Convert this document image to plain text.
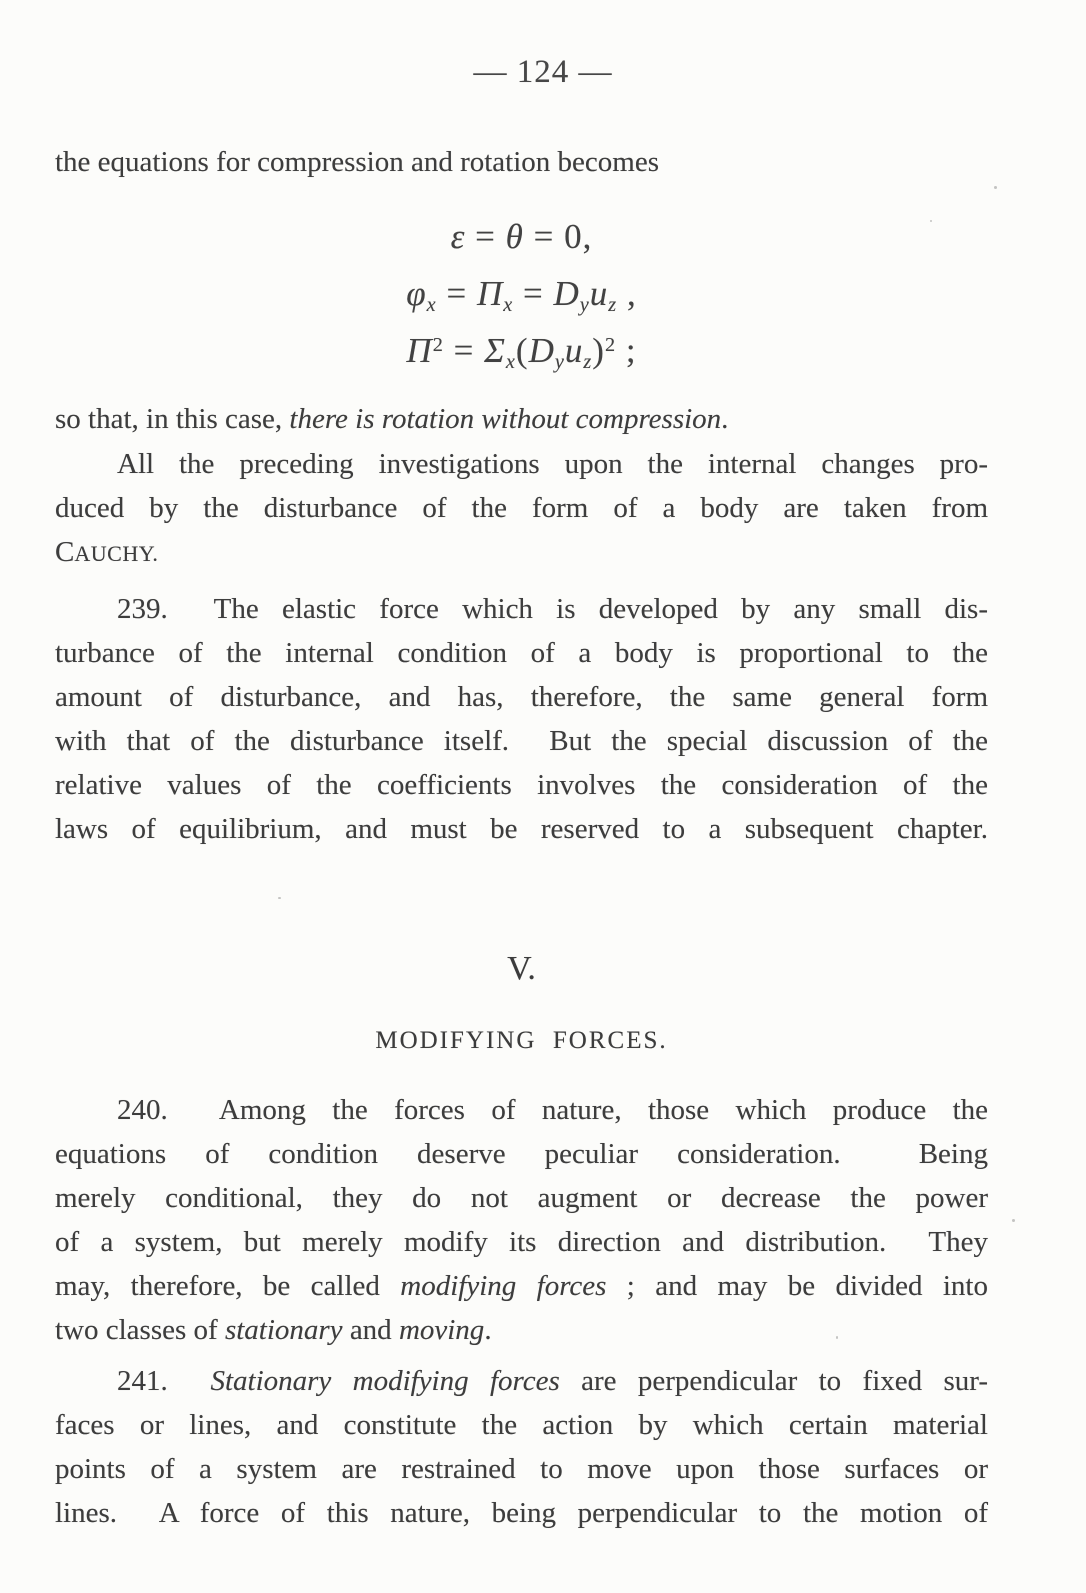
— 124 —
the equations for compression and rotation becomes
ε = θ = 0,
$\varphi_x = \Pi_x = D_yu_z$ ,
$\Pi^2 = \Sigma_x(D_yu_z)^2$ ;
so that, in this case, there is rotation without compression.
All the preceding investigations upon the internal changes pro-
duced by the disturbance of the form of a body are taken from
CAUCHY.
239.  The elastic force which is developed by any small dis-
turbance of the internal condition of a body is proportional to the
amount of disturbance, and has, therefore, the same general form
with that of the disturbance itself.  But the special discussion of the
relative values of the coefficients involves the consideration of the
laws of equilibrium, and must be reserved to a subsequent chapter.
V.
MODIFYING  FORCES.
240.  Among the forces of nature, those which produce the
equations of condition deserve peculiar consideration.  Being
merely conditional, they do not augment or decrease the power
of a system, but merely modify its direction and distribution.  They
may, therefore, be called modifying forces ; and may be divided into
two classes of stationary and moving.
241.  Stationary modifying forces are perpendicular to fixed sur-
faces or lines, and constitute the action by which certain material
points of a system are restrained to move upon those surfaces or
lines.  A force of this nature, being perpendicular to the motion of
